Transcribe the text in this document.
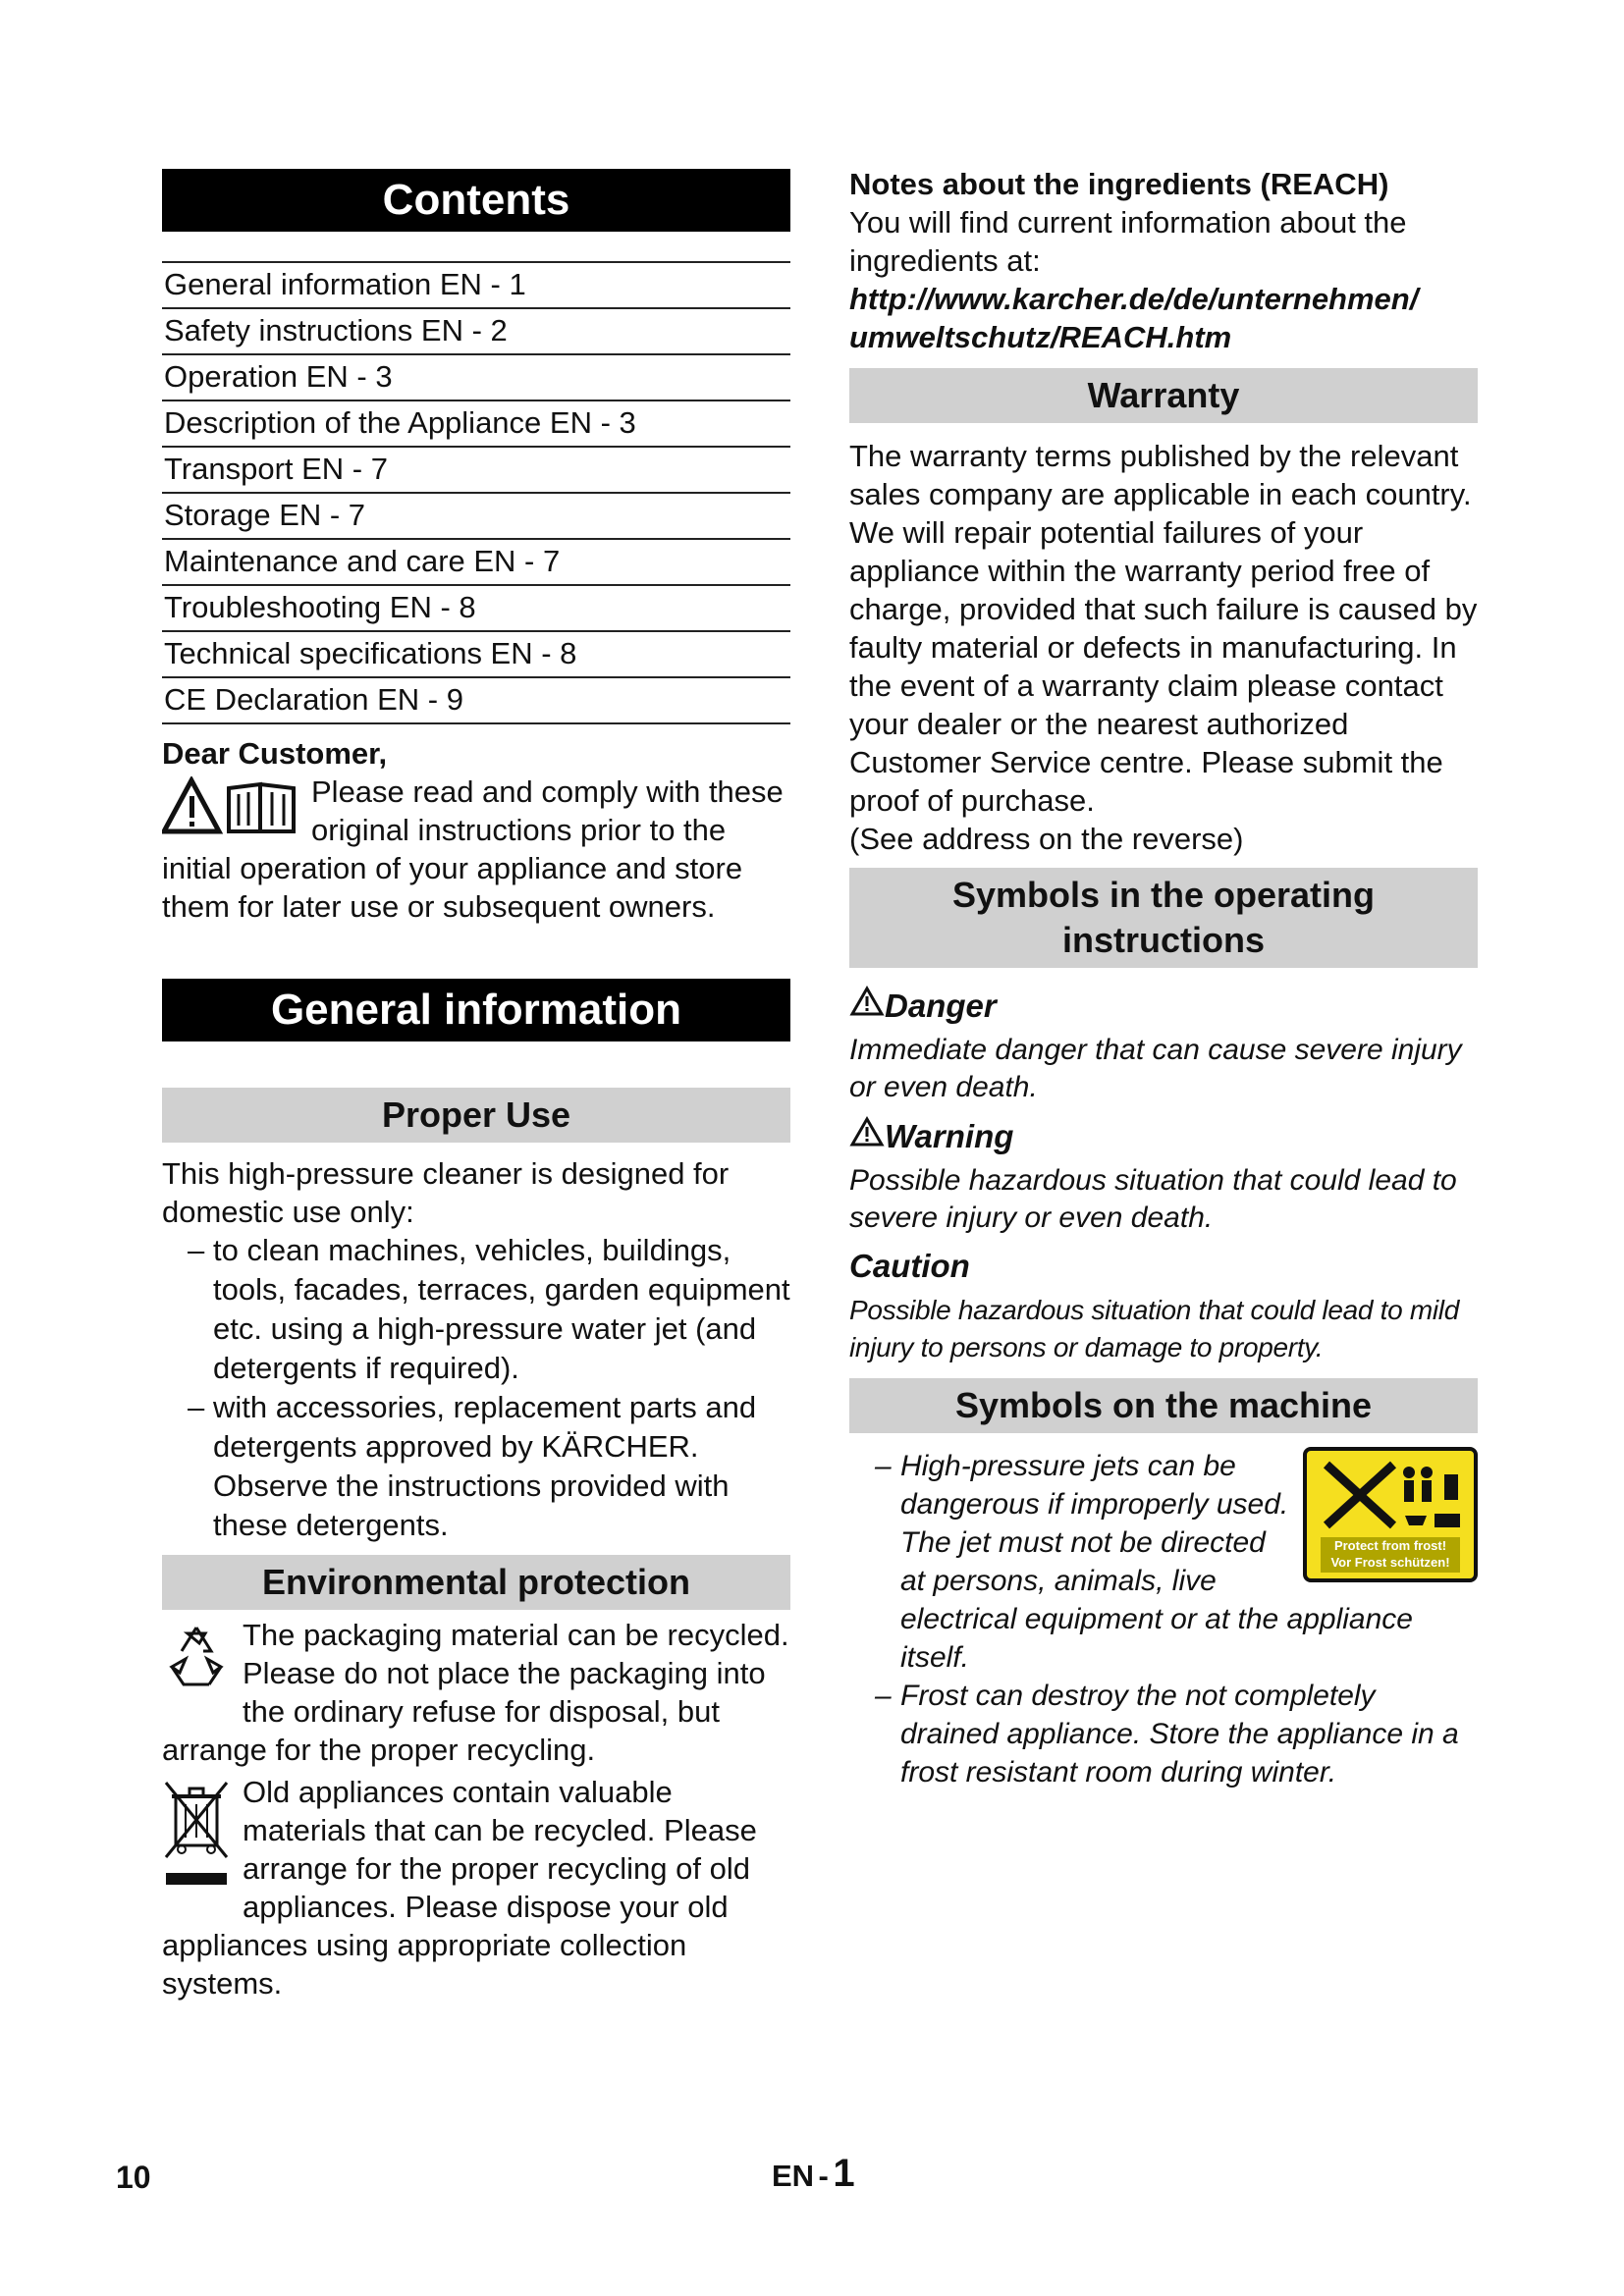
Contents
General information EN - 1
Safety instructions EN - 2
Operation EN - 3
Description of the Appliance EN - 3
Transport EN - 7
Storage EN - 7
Maintenance and care EN - 7
Troubleshooting EN - 8
Technical specifications EN - 8
CE Declaration EN - 9
Dear Customer,
Please read and comply with these original instructions prior to the initial operation of your appliance and store them for later use or subsequent owners.
General information
Proper Use

This high-pressure cleaner is designed for domestic use only:

– to clean machines, vehicles, buildings, tools, facades, terraces, garden equipment etc. using a high-pressure water jet (and detergents if required).
– with accessories, replacement parts and detergents approved by KÄRCHER. Observe the instructions provided with these detergents.
Environmental protection
The packaging material can be recycled. Please do not place the packaging into the ordinary refuse for disposal, but arrange for the proper recycling.
Old appliances contain valuable materials that can be recycled. Please arrange for the proper recycling of old appliances. Please dispose your old appliances using appropriate collection systems.
Notes about the ingredients (REACH)
You will find current information about the ingredients at:
http://www.karcher.de/de/unternehmen/
umweltschutz/REACH.htm
Warranty

The warranty terms published by the relevant sales company are applicable in each country. We will repair potential failures of your appliance within the warranty period free of charge, provided that such failure is caused by faulty material or defects in manufacturing. In the event of a warranty claim please contact your dealer or the nearest authorized Customer Service centre. Please submit the proof of purchase.

(See address on the reverse)

Symbols in the operating instructions
Danger

Immediate danger that can cause severe injury or even death.

Warning

Possible hazardous situation that could lead to severe injury or even death.

Caution

Possible hazardous situation that could lead to mild injury to persons or damage to property.

Symbols on the machine
Protect from frost!
Vor Frost schützen!
– High-pressure jets can be dangerous if improperly used. The jet must not be directed at persons, animals, live electrical equipment or at the appliance itself.
– Frost can destroy the not completely drained appliance. Store the appliance in a frost resistant room during winter.
10	EN - 1
